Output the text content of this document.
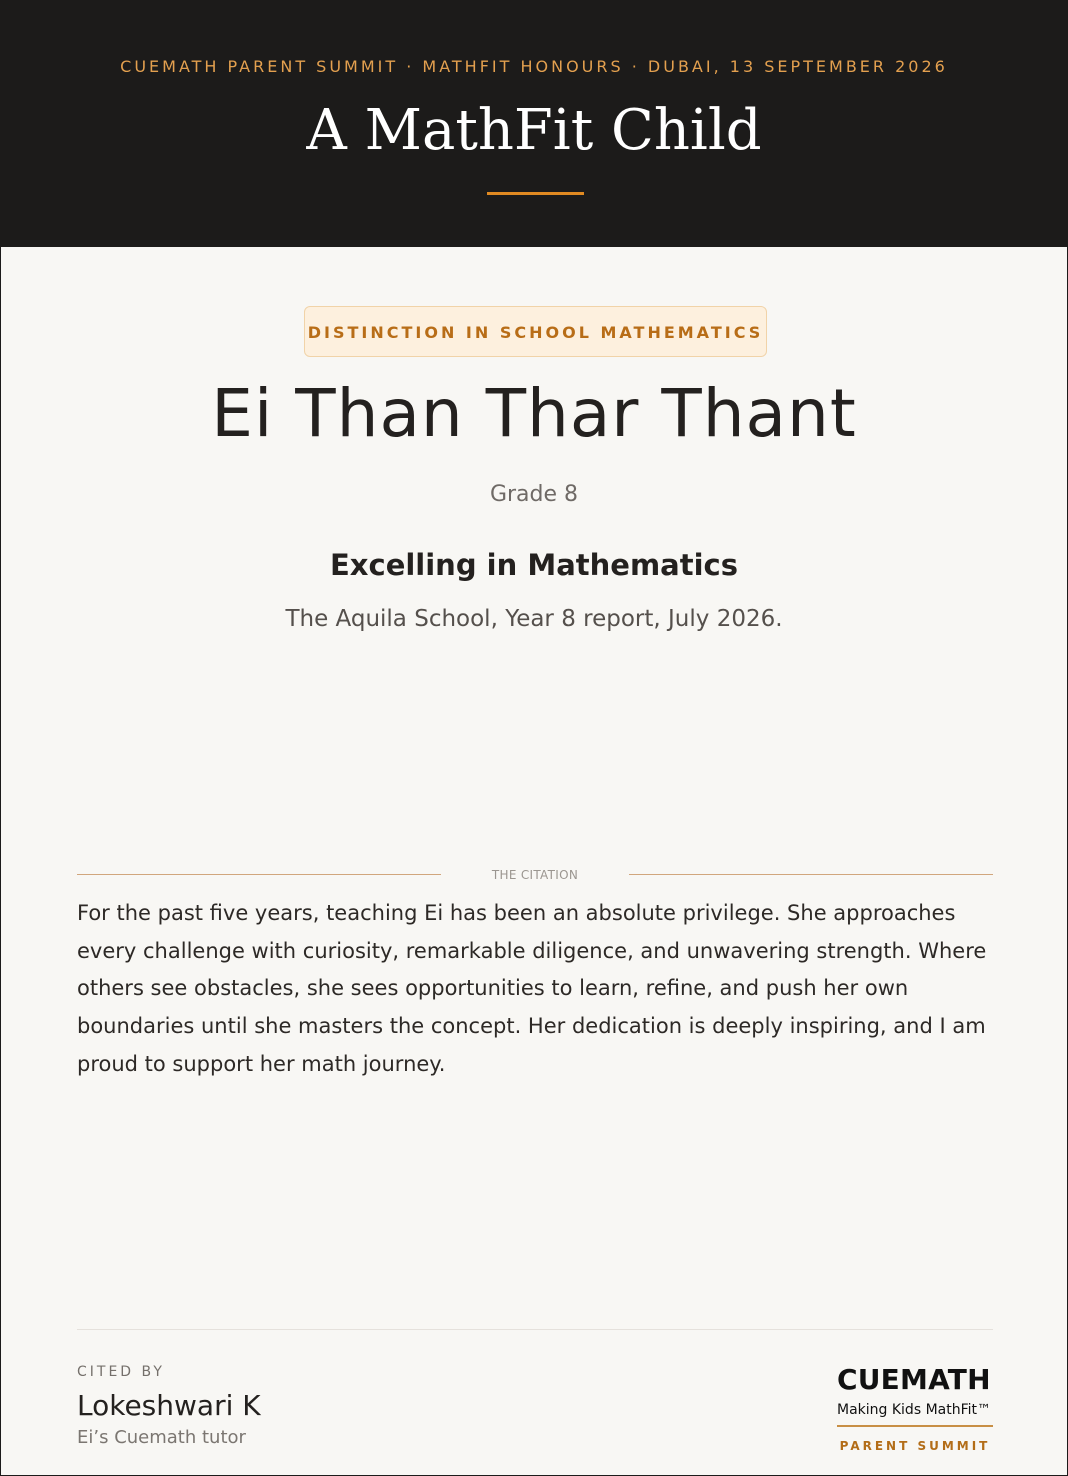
CUEMATH PARENT SUMMIT · MATHFIT HONOURS · DUBAI, 13 SEPTEMBER 2026
A MathFit Child
DISTINCTION IN SCHOOL MATHEMATICS
Ei Than Thar Thant
Grade 8
Excelling in Mathematics
The Aquila School, Year 8 report, July 2026.
THE CITATION
For the past five years, teaching Ei has been an absolute privilege. She approaches every challenge with curiosity, remarkable diligence, and unwavering strength. Where others see obstacles, she sees opportunities to learn, refine, and push her own boundaries until she masters the concept. Her dedication is deeply inspiring, and I am proud to support her math journey.
CITED BY
Lokeshwari K
Ei’s Cuemath tutor
CUEMATH
Making Kids MathFit™
PARENT SUMMIT
